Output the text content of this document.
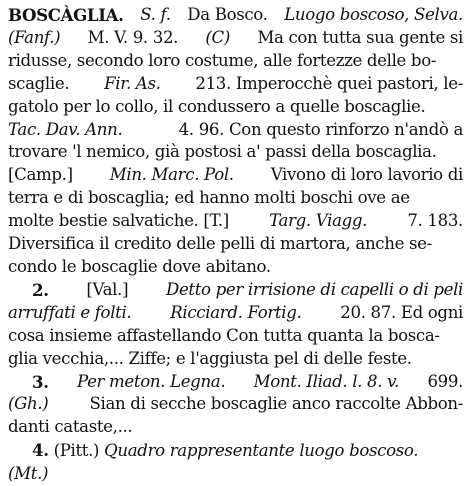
BOSCÀGLIA. S. f. Da Bosco. Luogo boscoso, Selva.
(Fanf.) M. V. 9. 32. (C) Ma con tutta sua gente si
ridusse, secondo loro costume, alle fortezze delle bo-
scaglie. Fir. As. 213. Imperocchè quei pastori, le-
gatolo per lo collo, il condussero a quelle boscaglie.
Tac. Dav. Ann.	4. 96. Con questo rinforzo n'andò a
trovare 'l nemico, già postosi a' passi della boscaglia.
[Camp.] Min. Marc. Pol. Vivono di loro lavorio di
terra e di boscaglia; ed hanno molti boschi ove ae
molte bestie salvatiche. [T.] Targ. Viagg. 7. 183.
Diversifica il credito delle pelli di martora, anche se-
condo le boscaglie dove abitano.
2. [Val.] Detto per irrisione di capelli o di peli
arruffati e folti. Ricciard. Fortig. 20. 87. Ed ogni
cosa insieme affastellando Con tutta quanta la bosca-
glia vecchia,... Ziffe; e l'aggiusta pel di delle feste.
3. Per meton. Legna. Mont. Iliad. l. 8. v. 699.
(Gh.) Sian di secche boscaglie anco raccolte Abbon-
danti cataste,...
4. (Pitt.) Quadro rappresentante luogo boscoso.
(Mt.)
